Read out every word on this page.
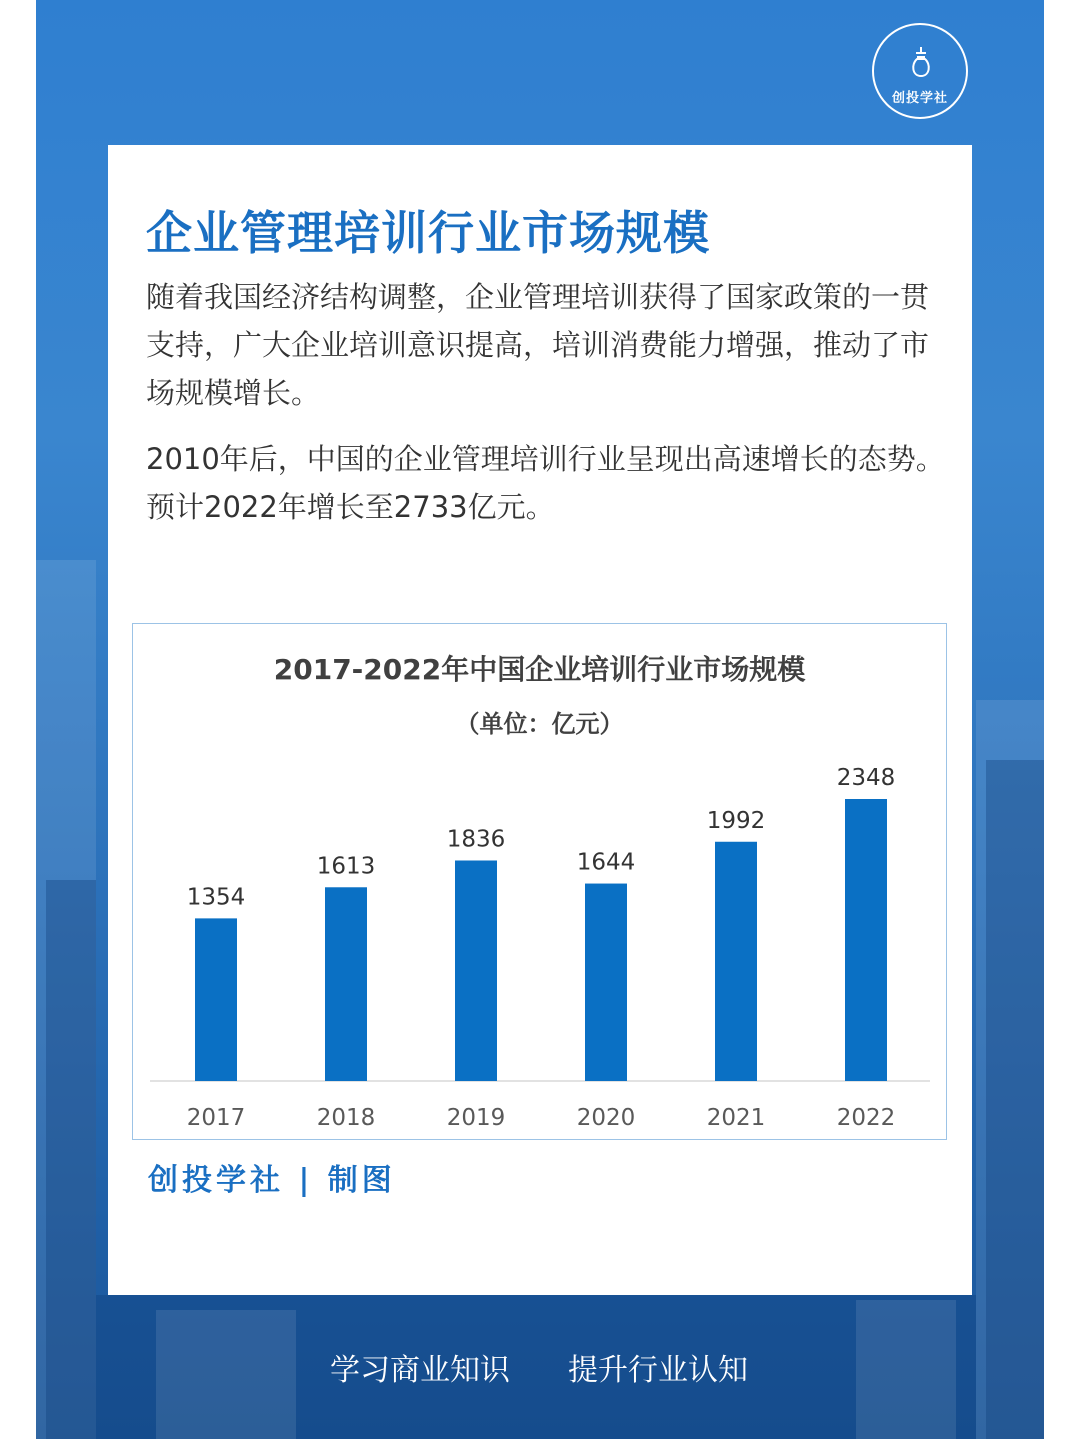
创投学社
企业管理培训行业市场规模

随着我国经济结构调整，企业管理培训获得了国家政策的一贯支持，广大企业培训意识提高，培训消费能力增强，推动了市场规模增长。

2010年后，中国的企业管理培训行业呈现出高速增长的态势。预计2022年增长至2733亿元。

1354
2017
1613
2018
1836
2019
1644
2020
1992
2021
2348
2022
2017-2022年中国企业培训行业市场规模
（单位：亿元）

创投学社 | 制图

学习商业知识 提升行业认知
